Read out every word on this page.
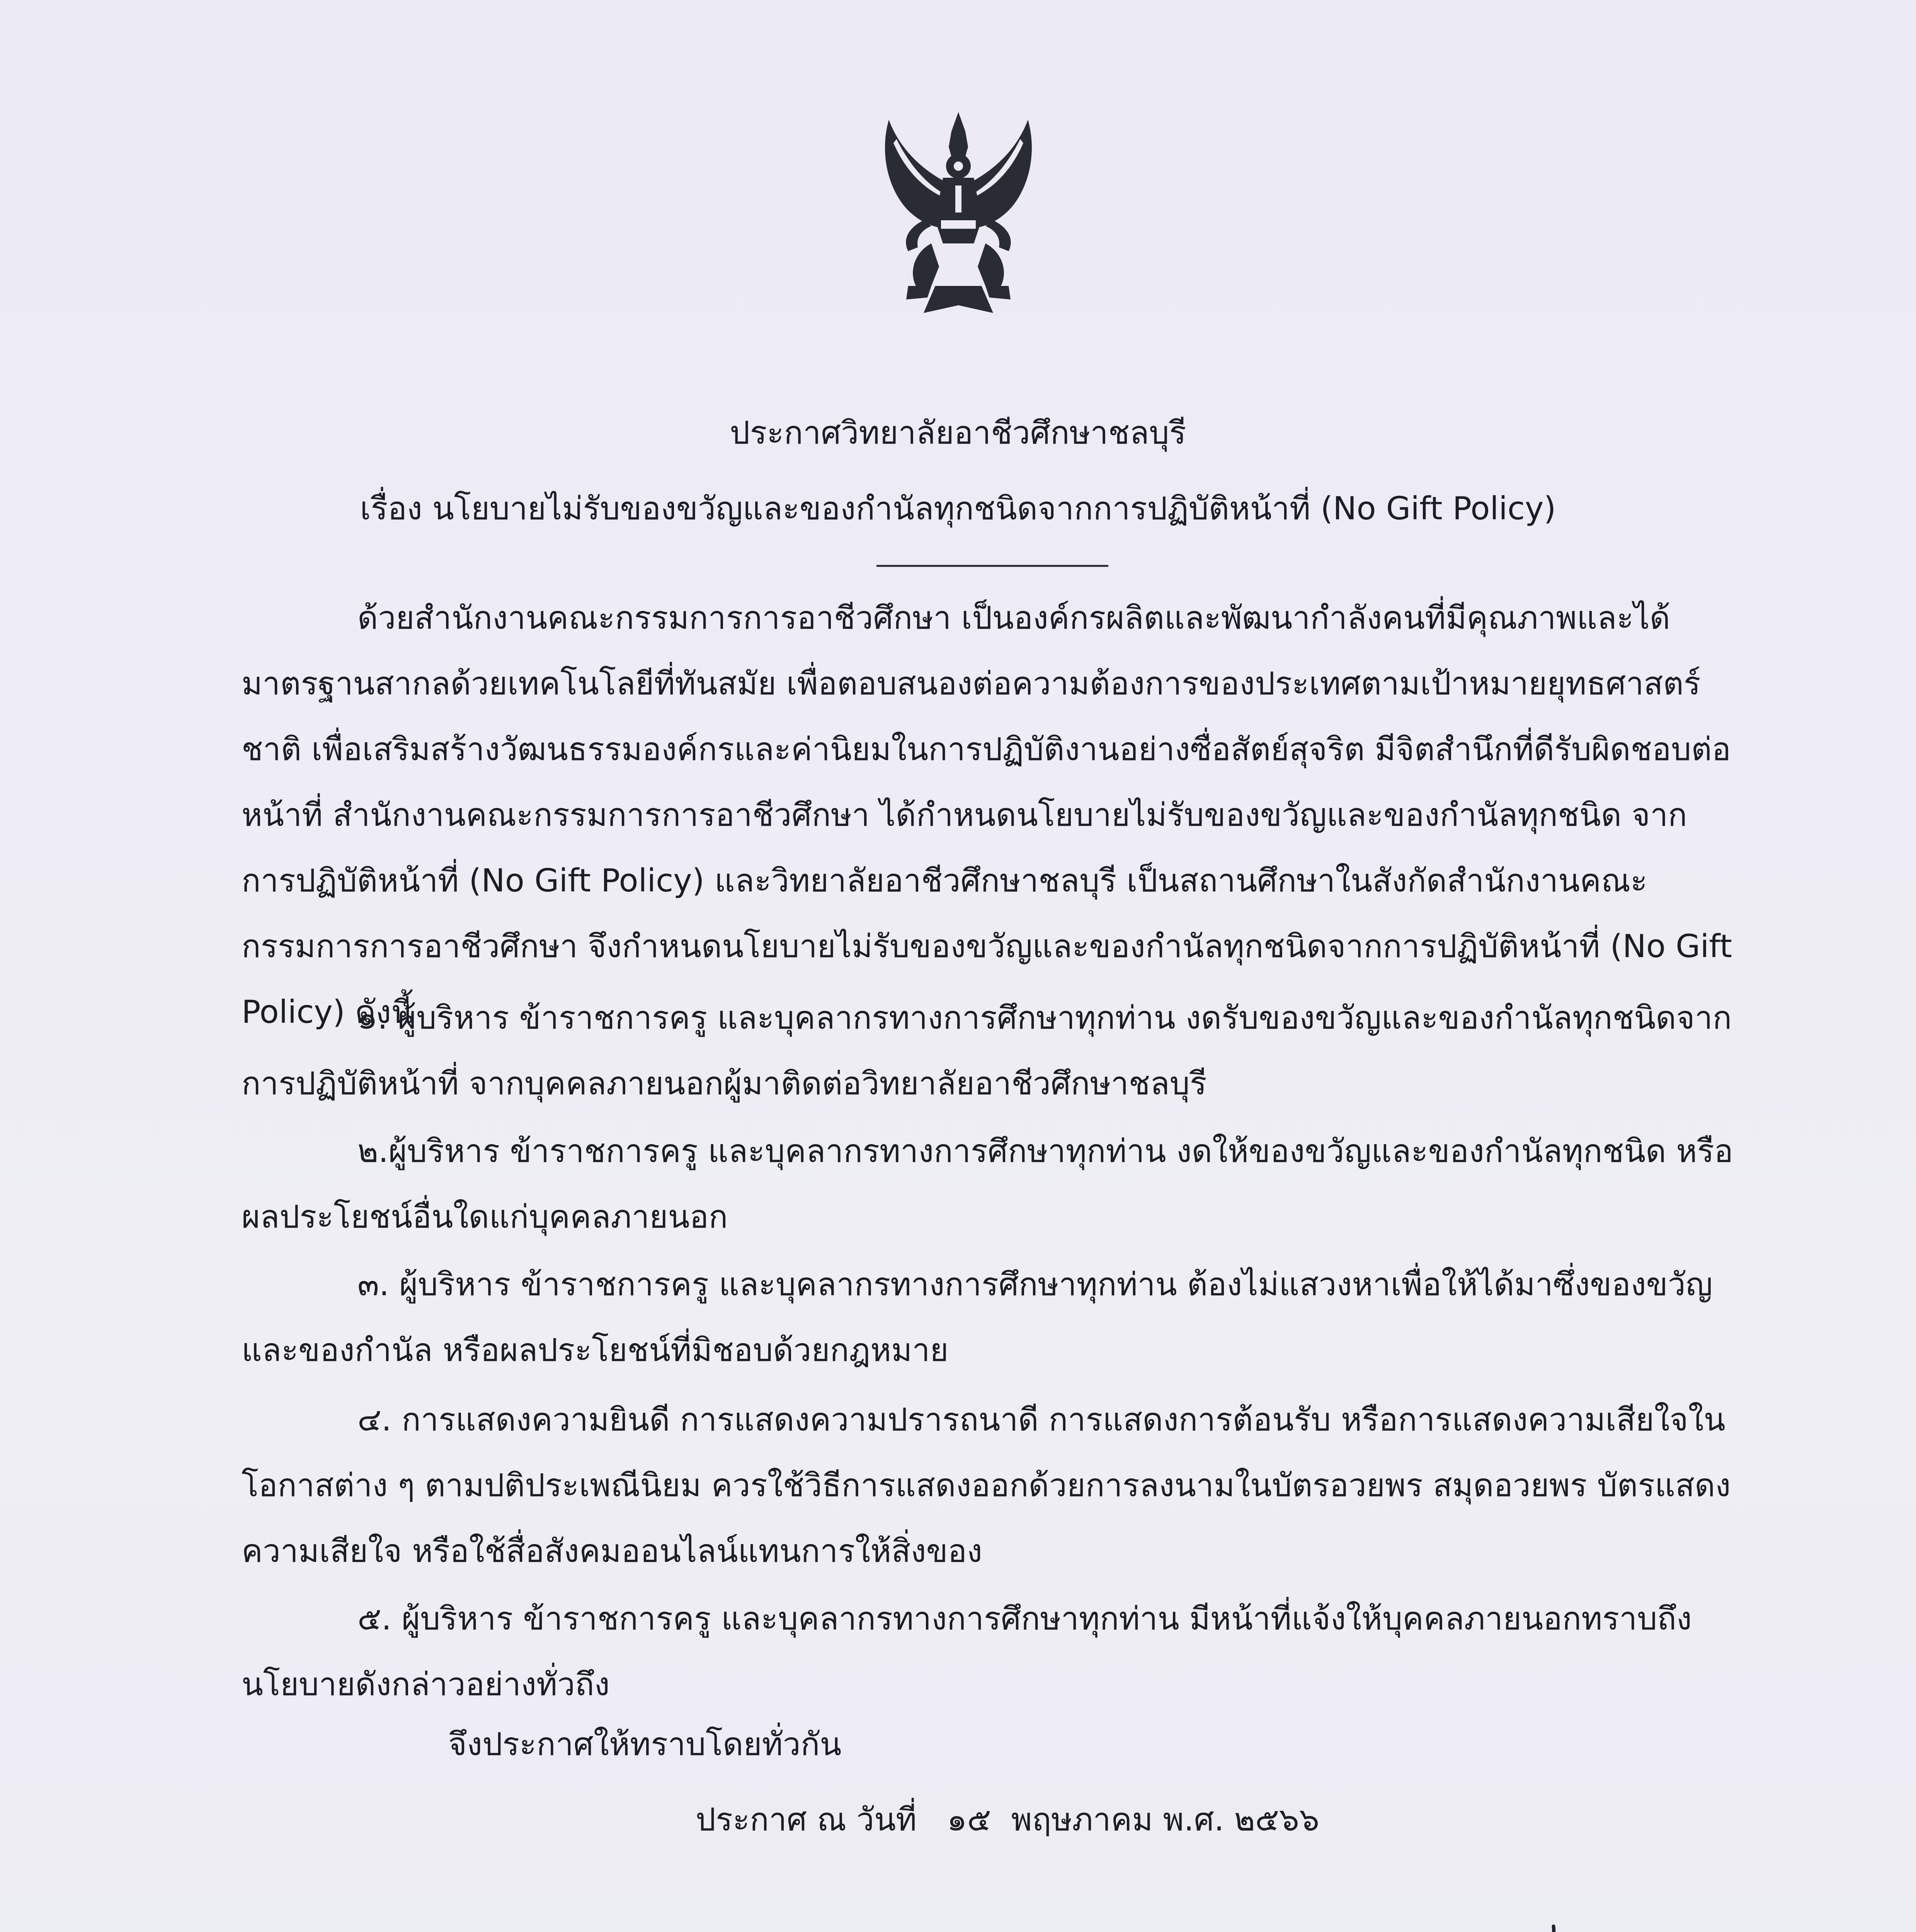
ประกาศวิทยาลัยอาชีวศึกษาชลบุรี
เรื่อง นโยบายไม่รับของขวัญและของกำนัลทุกชนิดจากการปฏิบัติหน้าที่ (No Gift Policy)

ด้วยสำนักงานคณะกรรมการการอาชีวศึกษา เป็นองค์กรผลิตและพัฒนากำลังคนที่มีคุณภาพและได้มาตรฐานสากลด้วยเทคโนโลยีที่ทันสมัย เพื่อตอบสนองต่อความต้องการของประเทศตามเป้าหมายยุทธศาสตร์ชาติ เพื่อเสริมสร้างวัฒนธรรมองค์กรและค่านิยมในการปฏิบัติงานอย่างซื่อสัตย์สุจริต มีจิตสำนึกที่ดีรับผิดชอบต่อหน้าที่ สำนักงานคณะกรรมการการอาชีวศึกษา ได้กำหนดนโยบายไม่รับของขวัญและของกำนัลทุกชนิด จากการปฏิบัติหน้าที่ (No Gift Policy) และวิทยาลัยอาชีวศึกษาชลบุรี เป็นสถานศึกษาในสังกัดสำนักงานคณะกรรมการการอาชีวศึกษา จึงกำหนดนโยบายไม่รับของขวัญและของกำนัลทุกชนิดจากการปฏิบัติหน้าที่ (No Gift Policy) ดังนี้

๑. ผู้บริหาร ข้าราชการครู และบุคลากรทางการศึกษาทุกท่าน งดรับของขวัญและของกำนัลทุกชนิดจากการปฏิบัติหน้าที่ จากบุคคลภายนอกผู้มาติดต่อวิทยาลัยอาชีวศึกษาชลบุรี

๒.ผู้บริหาร ข้าราชการครู และบุคลากรทางการศึกษาทุกท่าน งดให้ของขวัญและของกำนัลทุกชนิด หรือผลประโยชน์อื่นใดแก่บุคคลภายนอก

๓. ผู้บริหาร ข้าราชการครู และบุคลากรทางการศึกษาทุกท่าน ต้องไม่แสวงหาเพื่อให้ได้มาซึ่งของขวัญ และของกำนัล หรือผลประโยชน์ที่มิชอบด้วยกฎหมาย

๔. การแสดงความยินดี การแสดงความปรารถนาดี การแสดงการต้อนรับ หรือการแสดงความเสียใจในโอกาสต่าง ๆ ตามปติประเพณีนิยม ควรใช้วิธีการแสดงออกด้วยการลงนามในบัตรอวยพร สมุดอวยพร บัตรแสดงความเสียใจ หรือใช้สื่อสังคมออนไลน์แทนการให้สิ่งของ

๕. ผู้บริหาร ข้าราชการครู และบุคลากรทางการศึกษาทุกท่าน มีหน้าที่แจ้งให้บุคคลภายนอกทราบถึงนโยบายดังกล่าวอย่างทั่วถึง

จึงประกาศให้ทราบโดยทั่วกัน
ประกาศ ณ วันที่   ๑๕  พฤษภาคม พ.ศ. ๒๕๖๖
